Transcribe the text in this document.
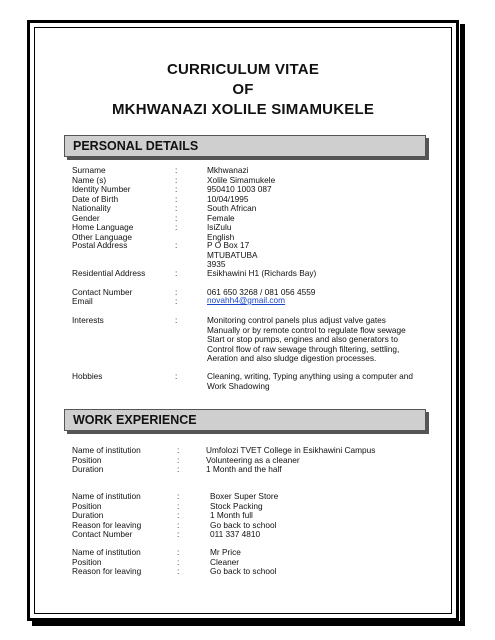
CURRICULUM VITAE
OF
MKHWANAZI XOLILE SIMAMUKELE
PERSONAL DETAILS
Surname	:	Mkhwanazi
Name (s)	:	Xolile Simamukele
Identity Number	:	950410 1003 087
Date of Birth	:	10/04/1995
Nationality	:	South African
Gender	:	Female
Home Language	:	IsiZulu
Other Language	English
Postal Address	:	P O Box 17
MTUBATUBA
3935
Residential Address	:	Esikhawini H1 (Richards Bay)
Contact Number	:	061 650 3268 / 081 056 4559
Email	:	novahh4@gmail.com
Interests	:	Monitoring control panels plus adjust valve gates
Manually or by remote control to regulate flow sewage
Start or stop pumps, engines and also generators to
Control flow of raw sewage through filtering, settling,
Aeration and also sludge digestion processes.
Hobbies	:	Cleaning, writing, Typing anything using a computer and
Work Shadowing
WORK EXPERIENCE
Name of institution	:	Umfolozi TVET College in Esikhawini Campus
Position	:	Volunteering as a cleaner
Duration	:	1 Month and the half
Name of institution	:	Boxer Super Store
Position	:	Stock Packing
Duration	:	1 Month full
Reason for leaving	:	Go back to school
Contact Number	:	011 337 4810
Name of institution	:	Mr Price
Position	:	Cleaner
Reason for leaving	:	Go back to school
